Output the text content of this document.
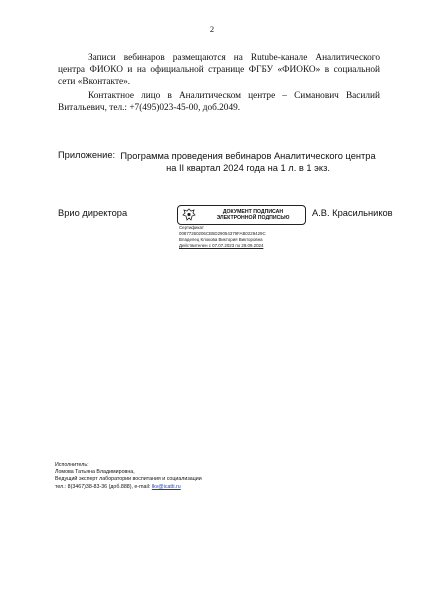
2
Записи вебинаров размещаются на Rutube-канале Аналитического центра ФИОКО и на официальной странице ФГБУ «ФИОКО» в социальной сети «Вконтакте».
Контактное лицо в Аналитическом центре – Симанович Василий Витальевич, тел.: +7(495)023-45-00, доб.2049.
Приложение: Программа проведения вебинаров Аналитического центра на II квартал 2024 года на 1 л. в 1 экз.
Врио директора	ДОКУМЕНТ ПОДПИСАН ЭЛЕКТРОННОЙ ПОДПИСЬЮ
Сертификат
00877260206CB5D29054379FAB0229429C
Владелец Клокова Виктория Викторовна
Действителен с 07.07.2023 по 29.09.2024
А.В. Красильников
Исполнитель:
Ломова Татьяна Владимировна,
Ведущий эксперт лаборатории воспитания и социализации
тел.: 8(3467)38-83-36 (доб.888), e-mail: lkv@icatti.ru
